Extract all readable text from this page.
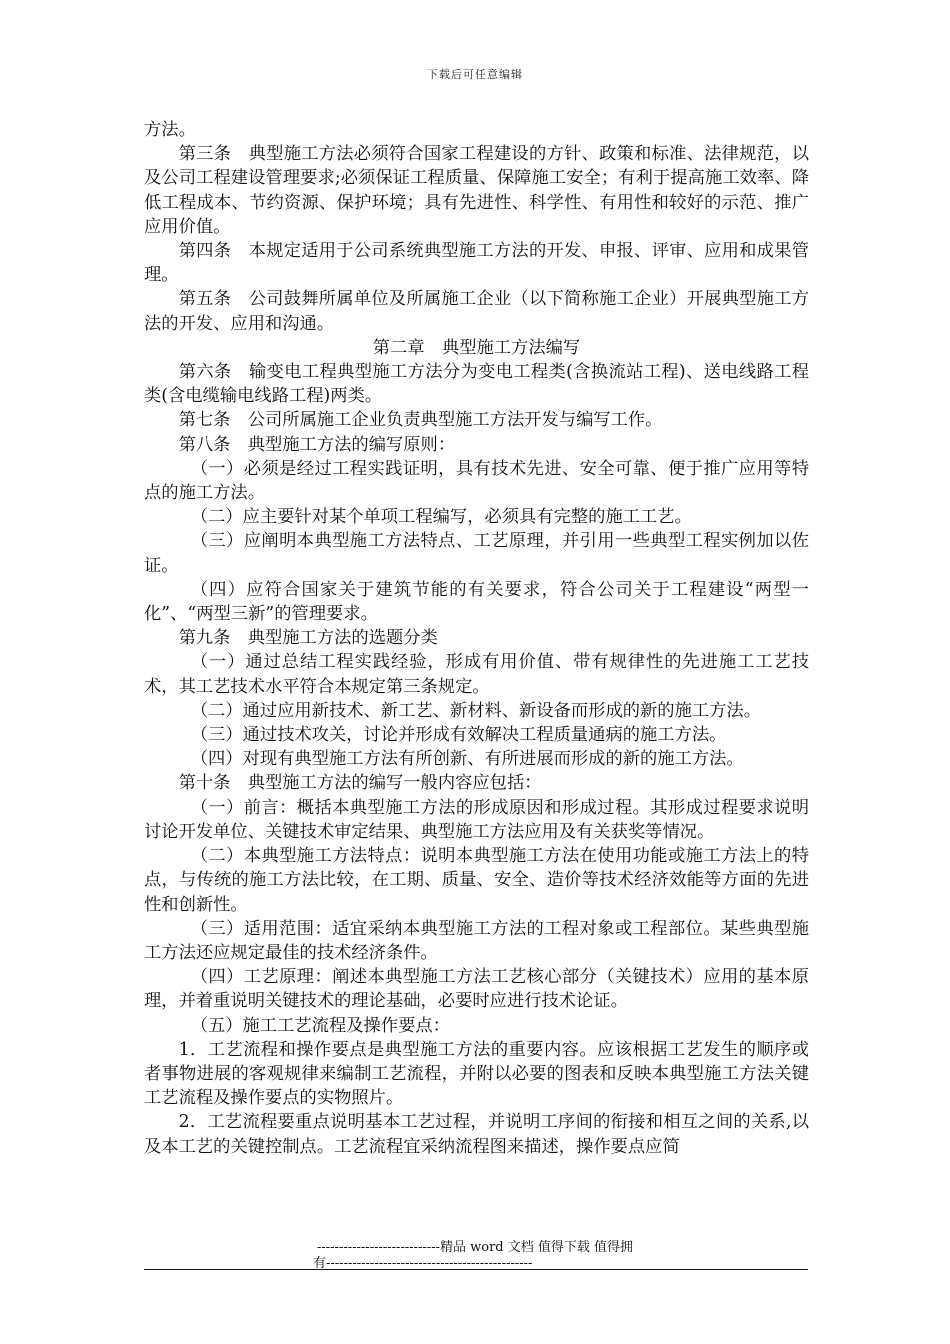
下载后可任意编辑

方法。

第三条　典型施工方法必须符合国家工程建设的方针、政策和标准、法律规范，以及公司工程建设管理要求;必须保证工程质量、保障施工安全；有利于提高施工效率、降低工程成本、节约资源、保护环境；具有先进性、科学性、有用性和较好的示范、推广应用价值。

第四条　本规定适用于公司系统典型施工方法的开发、申报、评审、应用和成果管理。

第五条　公司鼓舞所属单位及所属施工企业（以下简称施工企业）开展典型施工方法的开发、应用和沟通。

第二章　典型施工方法编写

第六条　输变电工程典型施工方法分为变电工程类(含换流站工程)、送电线路工程类(含电缆输电线路工程)两类。

第七条　公司所属施工企业负责典型施工方法开发与编写工作。

第八条　典型施工方法的编写原则：

（一）必须是经过工程实践证明，具有技术先进、安全可靠、便于推广应用等特点的施工方法。

（二）应主要针对某个单项工程编写，必须具有完整的施工工艺。

（三）应阐明本典型施工方法特点、工艺原理，并引用一些典型工程实例加以佐证。

（四）应符合国家关于建筑节能的有关要求，符合公司关于工程建设“两型一化”、“两型三新”的管理要求。

第九条　典型施工方法的选题分类

（一）通过总结工程实践经验，形成有用价值、带有规律性的先进施工工艺技术，其工艺技术水平符合本规定第三条规定。

（二）通过应用新技术、新工艺、新材料、新设备而形成的新的施工方法。

（三）通过技术攻关，讨论并形成有效解决工程质量通病的施工方法。

（四）对现有典型施工方法有所创新、有所进展而形成的新的施工方法。

第十条　典型施工方法的编写一般内容应包括：

（一）前言：概括本典型施工方法的形成原因和形成过程。其形成过程要求说明讨论开发单位、关键技术审定结果、典型施工方法应用及有关获奖等情况。

（二）本典型施工方法特点：说明本典型施工方法在使用功能或施工方法上的特点，与传统的施工方法比较，在工期、质量、安全、造价等技术经济效能等方面的先进性和创新性。

（三）适用范围：适宜采纳本典型施工方法的工程对象或工程部位。某些典型施工方法还应规定最佳的技术经济条件。

（四）工艺原理：阐述本典型施工方法工艺核心部分（关键技术）应用的基本原理，并着重说明关键技术的理论基础，必要时应进行技术论证。

（五）施工工艺流程及操作要点：

1．工艺流程和操作要点是典型施工方法的重要内容。应该根据工艺发生的顺序或者事物进展的客观规律来编制工艺流程，并附以必要的图表和反映本典型施工方法关键工艺流程及操作要点的实物照片。

2．工艺流程要重点说明基本工艺过程，并说明工序间的衔接和相互之间的关系,以及本工艺的关键控制点。工艺流程宜采纳流程图来描述，操作要点应简

----------------------------精品 word 文档 值得下载 值得拥
有-----------------------------------------------
